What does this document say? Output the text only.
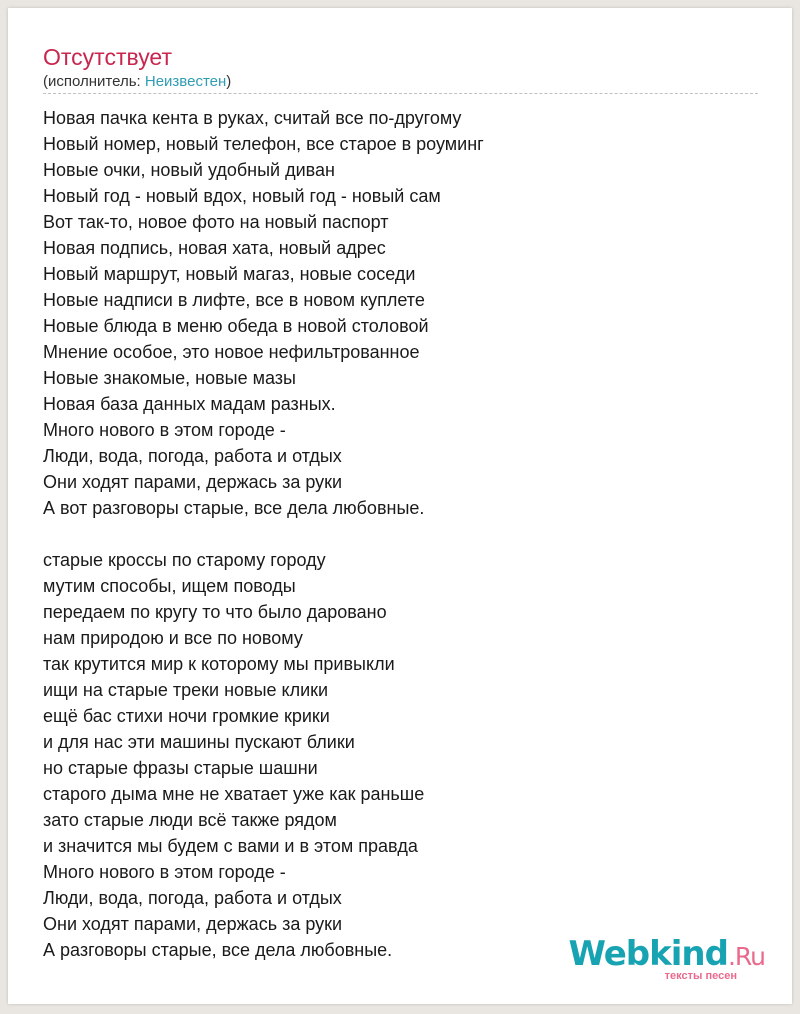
Отсутствует
(исполнитель: Неизвестен)
Новая пачка кента в руках, считай все по-другому
Новый номер, новый телефон, все старое в роуминг
Новые очки, новый удобный диван
Новый год - новый вдох, новый год - новый сам
Вот так-то, новое фото на новый паспорт
Новая подпись, новая хата, новый адрес
Новый маршрут, новый магаз, новые соседи
Новые надписи в лифте, все в новом куплете
Новые блюда в меню обеда в новой столовой
Мнение особое, это новое нефильтрованное
Новые знакомые, новые мазы
Новая база данных мадам разных.
Много нового в этом городе -
Люди, вода, погода, работа и отдых
Они ходят парами, держась за руки
А вот разговоры старые, все дела любовные.
старые кроссы по старому городу
мутим способы, ищем поводы
передаем по кругу то что было даровано
нам природою и все по новому
так крутится мир к которому мы привыкли
ищи на старые треки новые клики
ещё бас стихи ночи громкие крики
и для нас эти машины пускают блики
но старые фразы старые шашни
старого дыма мне не хватает уже как раньше
зато старые люди всё также рядом
и значится мы будем с вами и в этом правда
Много нового в этом городе -
Люди, вода, погода, работа и отдых
Они ходят парами, держась за руки
А разговоры старые, все дела любовные.	Webkind.Ru
тексты песен
